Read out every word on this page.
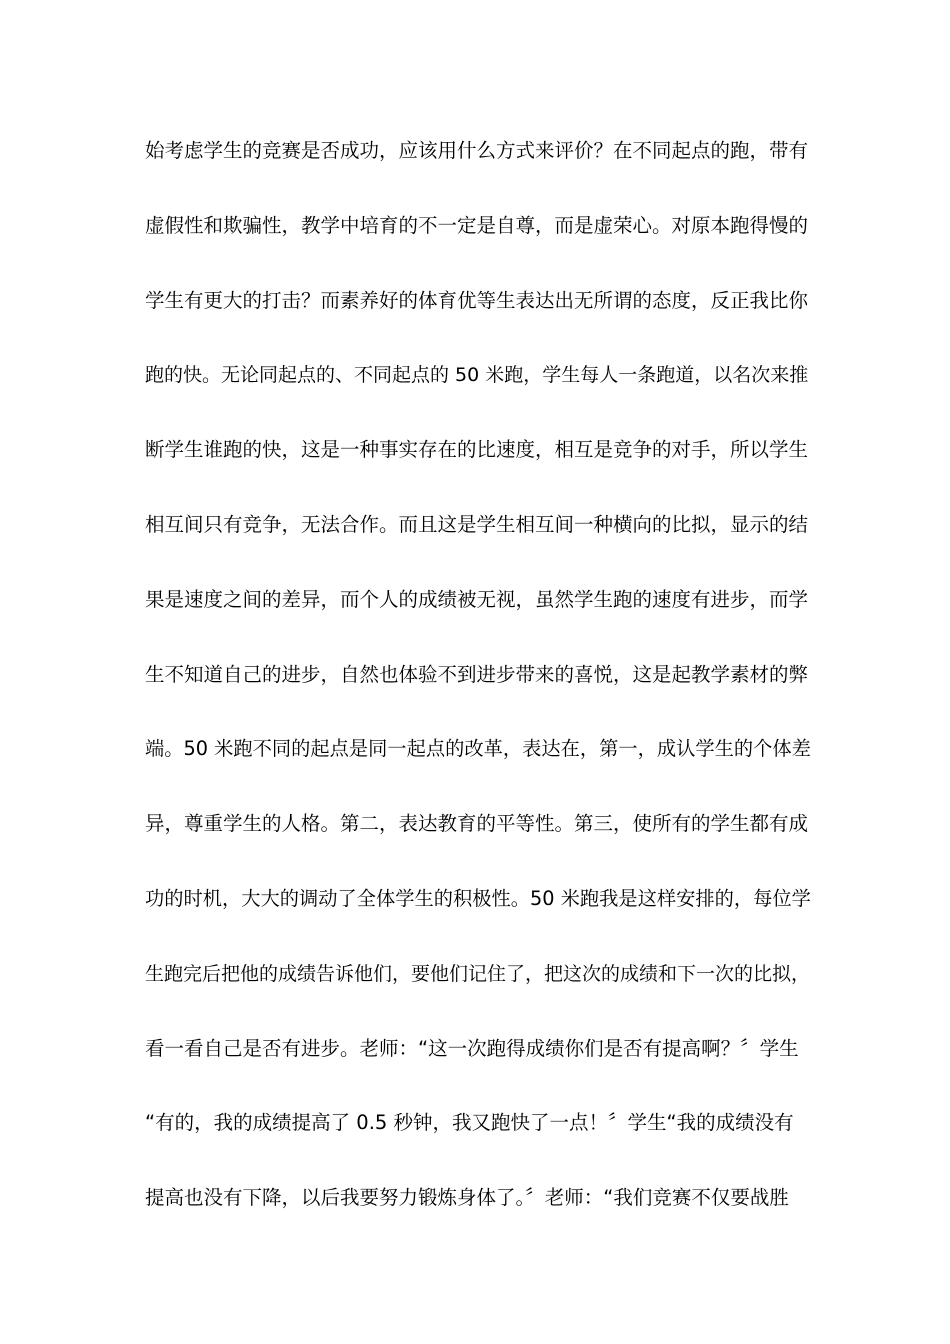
始考虑学生的竞赛是否成功，应该用什么方式来评价？在不同起点的跑，带有
虚假性和欺骗性，教学中培育的不一定是自尊，而是虚荣心。对原本跑得慢的
学生有更大的打击？而素养好的体育优等生表达出无所谓的态度，反正我比你
跑的快。无论同起点的、不同起点的 50 米跑，学生每人一条跑道，以名次来推
断学生谁跑的快，这是一种事实存在的比速度，相互是竞争的对手，所以学生
相互间只有竞争，无法合作。而且这是学生相互间一种横向的比拟，显示的结
果是速度之间的差异，而个人的成绩被无视，虽然学生跑的速度有进步，而学
生不知道自己的进步，自然也体验不到进步带来的喜悦，这是起教学素材的弊
端。50 米跑不同的起点是同一起点的改革，表达在，第一，成认学生的个体差
异，尊重学生的人格。第二，表达教育的平等性。第三，使所有的学生都有成
功的时机，大大的调动了全体学生的积极性。50 米跑我是这样安排的，每位学
生跑完后把他的成绩告诉他们，要他们记住了，把这次的成绩和下一次的比拟，
看一看自己是否有进步。老师：“这一次跑得成绩你们是否有提高啊？〞学生
“有的，我的成绩提高了 0.5 秒钟，我又跑快了一点！〞学生“我的成绩没有
提高也没有下降，以后我要努力锻炼身体了。〞老师：“我们竞赛不仅要战胜
